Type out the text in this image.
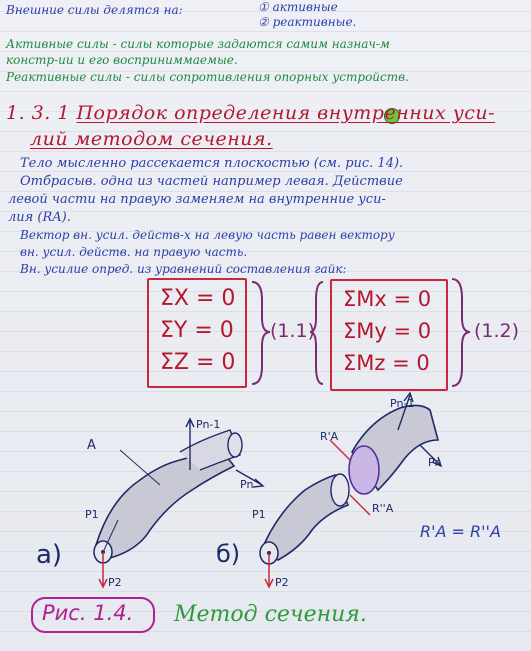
Внешние силы делятся на:	① активные
② реактивные.
Активные силы - силы которые задаются самим назнач-м
констр-ии и его восприниммаемые.
Реактивные силы - силы сопротивления опорных устройств.
1. 3. 1 Порядок определения внутренних уси-
лий методом сечения.
Тело мысленно рассекается плоскостью (см. рис. 14).
Отбрасыв. одна из частей например левая. Действие
левой части на правую заменяем на внутренние уси-
лия (RA).
Вектор вн. усил. действ-х на левую часть равен вектору
вн. усил. действ. на правую часть.
Вн. усилие опред. из уравнений составления гайк:
ΣX = 0
ΣY = 0
ΣZ = 0
(1.1)
ΣMx = 0
ΣMy = 0
ΣMz = 0
(1.2)
A
Pn-1
Pn
P1
P2
а)
Pn-1
Pn
R'A
R''A
P1
P2
б)
R'A = R''A
Рис. 1.4. Метод сечения.
